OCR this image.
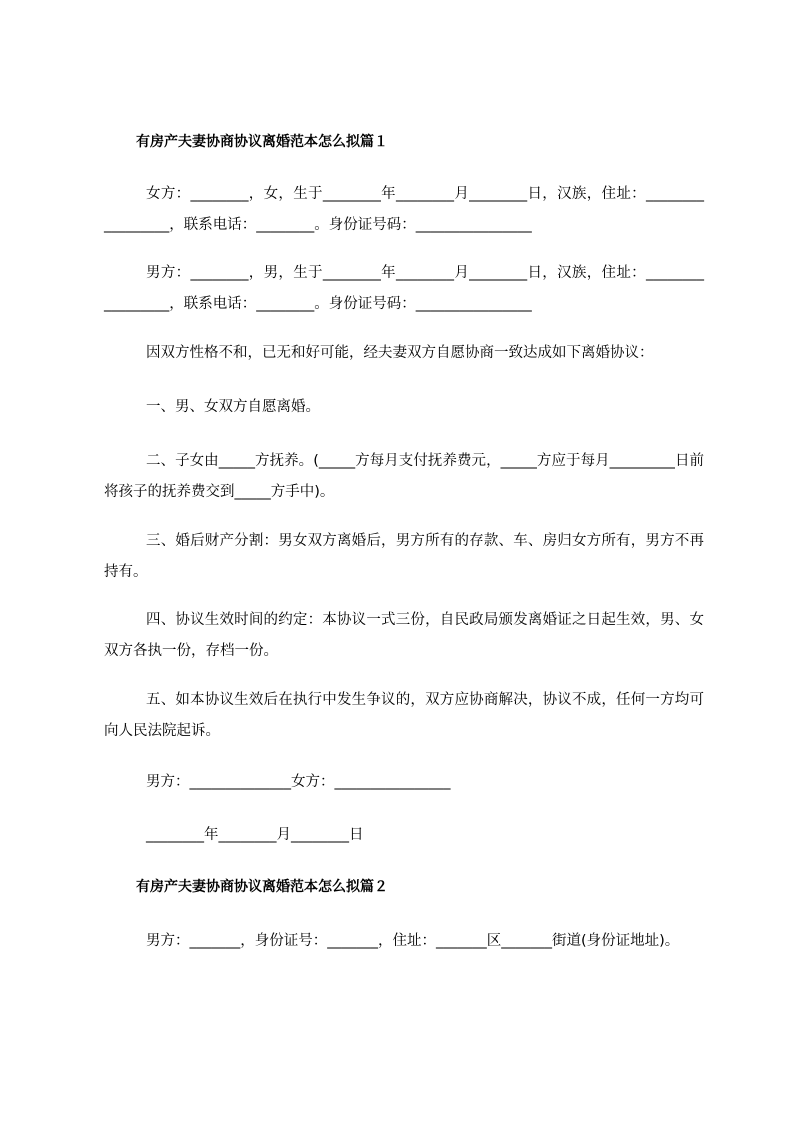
有房产夫妻协商协议离婚范本怎么拟篇１
女方：________，女，生于________年________月________日，汉族，住址：_________________，联系电话：________。身份证号码：________________
男方：________，男，生于________年________月________日，汉族，住址：_________________，联系电话：________。身份证号码：________________
因双方性格不和，已无和好可能，经夫妻双方自愿协商一致达成如下离婚协议：
一、男、女双方自愿离婚。
二、子女由_____方抚养。(_____方每月支付抚养费元，_____方应于每月_________日前将孩子的抚养费交到_____方手中)。
三、婚后财产分割：男女双方离婚后，男方所有的存款、车、房归女方所有，男方不再持有。
四、协议生效时间的约定：本协议一式三份，自民政局颁发离婚证之日起生效，男、女双方各执一份，存档一份。
五、如本协议生效后在执行中发生争议的，双方应协商解决，协议不成，任何一方均可向人民法院起诉。
男方：______________女方：________________
________年________月________日
有房产夫妻协商协议离婚范本怎么拟篇２
男方：_______，身份证号：_______，住址：_______区_______街道(身份证地址)。
